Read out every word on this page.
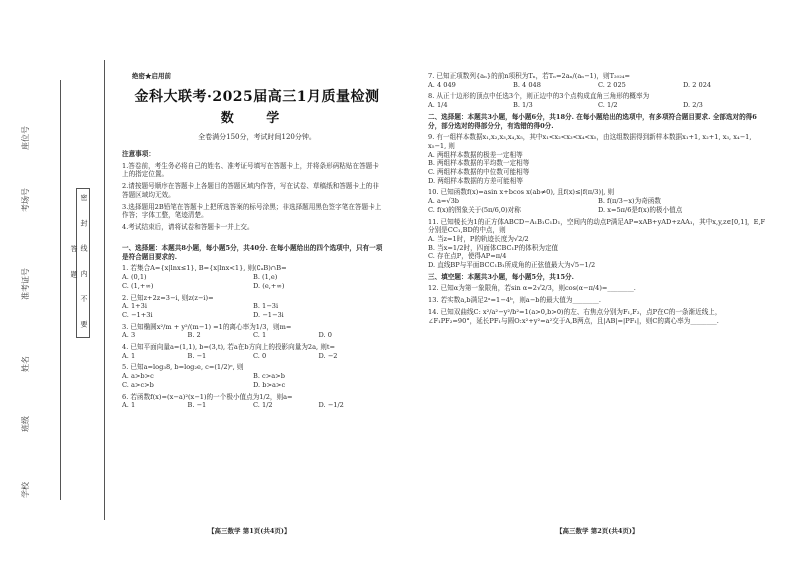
座位号
考场号
准考证号
姓名
班级
学校
密 封 线 内 不 要 答 题
绝密★启用前
金科大联考·2025届高三1月质量检测
数 学
全卷满分150分，考试时间120分钟。
注意事项：
1.答卷前，考生务必将自己的姓名、准考证号填写在答题卡上，并将条形码粘贴在答题卡上的指定位置。
2.请按题号顺序在答题卡上各题目的答题区域内作答，写在试卷、草稿纸和答题卡上的非答题区域均无效。
3.选择题用2B铅笔在答题卡上把所选答案的标号涂黑；非选择题用黑色签字笔在答题卡上作答；字体工整，笔迹清楚。
4.考试结束后，请将试卷和答题卡一并上交。
一、选择题：本题共8小题，每小题5分，共40分. 在每小题给出的四个选项中，只有一项是符合题目要求的.
1. 若集合A={x|lnx≤1}, B={x|lnx<1}, 则(∁ₐB)∩B=
A. (0,1)	B. (1,e)
C. (1,+∞)	D. (e,+∞)
2. 已知z+2z=3−i, 则z(z−i)=
A. 1+3i	B. 1−3i
C. −1+3i	D. −1−3i
3. 已知椭圆x²/m + y²/(m−1) =1的离心率为1/3，则m=
A. 3	B. 2	C. 1	D. 0
4. 已知平面向量a=(1,1), b=(3,t), 若a在b方向上的投影向量为2a, 则t=
A. 1	B. −1	C. 0	D. −2
5. 已知a=log₃8, b=log₂e, c=(1/2)ᵉ, 则
A. a>b>c	B. c>a>b
C. a>c>b	D. b>a>c
6. 若函数f(x)=(x−a)²(x−1)的一个极小值点为1/2，则a=
A. 1	B. −1	C. 1/2	D. −1/2
7. 已知正项数列{aₙ}的前n项积为Tₙ，若Tₙ=2aₙ/(aₙ−1)，则T₂₀₂₄=
A. 4 049	B. 4 048	C. 2 025	D. 2 024
8. 从正十边形的顶点中任选3个，则正边中的3个点构成直角三角形的概率为
A. 1/4	B. 1/3	C. 1/2	D. 2/3
二、选择题：本题共3小题，每小题6分，共18分. 在每小题给出的选项中，有多项符合题目要求. 全部选对的得6分，部分选对的得部分分，有选错的得0分.
9. 有一组样本数据x₁,x₂,x₃,x₄,x₅，其中x₁<x₂<x₃<x₄<x₅，由这组数据得到新样本数据x₁+1, x₂+1, x₃, x₄−1, x₅−1, 则
A. 两组样本数据的极差一定相等
B. 两组样本数据的平均数一定相等
C. 两组样本数据的中位数可能相等
D. 两组样本数据的方差可能相等
10. 已知函数f(x)=asin x+bcos x(ab≠0), 且f(x)≤|f(π/3)|, 则
A. a=√3b	B. f(π/3−x)为奇函数
C. f(x)的图象关于(5π/6,0)对称	D. x=5π/6是f(x)的极小值点
11. 已知棱长为1的正方体ABCD−A₁B₁C₁D₁，空间内的动点P满足AP=xAB+yAD+zAA₁，其中x,y,z∈[0,1]，E,F分别是CC₁,BD的中点，则
A. 当z=1时，P的轨迹长度为√2/2
B. 当x=1/2时，四面体CBC₁P的体积为定值
C. 存在点P，使得AP=π/4
D. 直线BP与平面BCC₁B₁所成角的正弦值最大为√5−1/2
三、填空题：本题共3小题，每小题5分，共15分.
12. 已知α为第一象限角，若sin α=2√2/3，则cos(α−π/4)=________.
13. 若实数a,b满足2ᵃ=1−4ᵇ，则a−b的最大值为________.
14. 已知双曲线C: x²/a²−y²/b²=1(a>0,b>0)的左、右焦点分别为F₁,F₂，点P在C的一条渐近线上，∠F₁PF₂=90°，延长PF₁与圆O:x²+y²=a²交于A,B两点，且|AB|=|PF₁|，则C的离心率为________.
【高三数学 第1页(共4页)】	【高三数学 第2页(共4页)】
